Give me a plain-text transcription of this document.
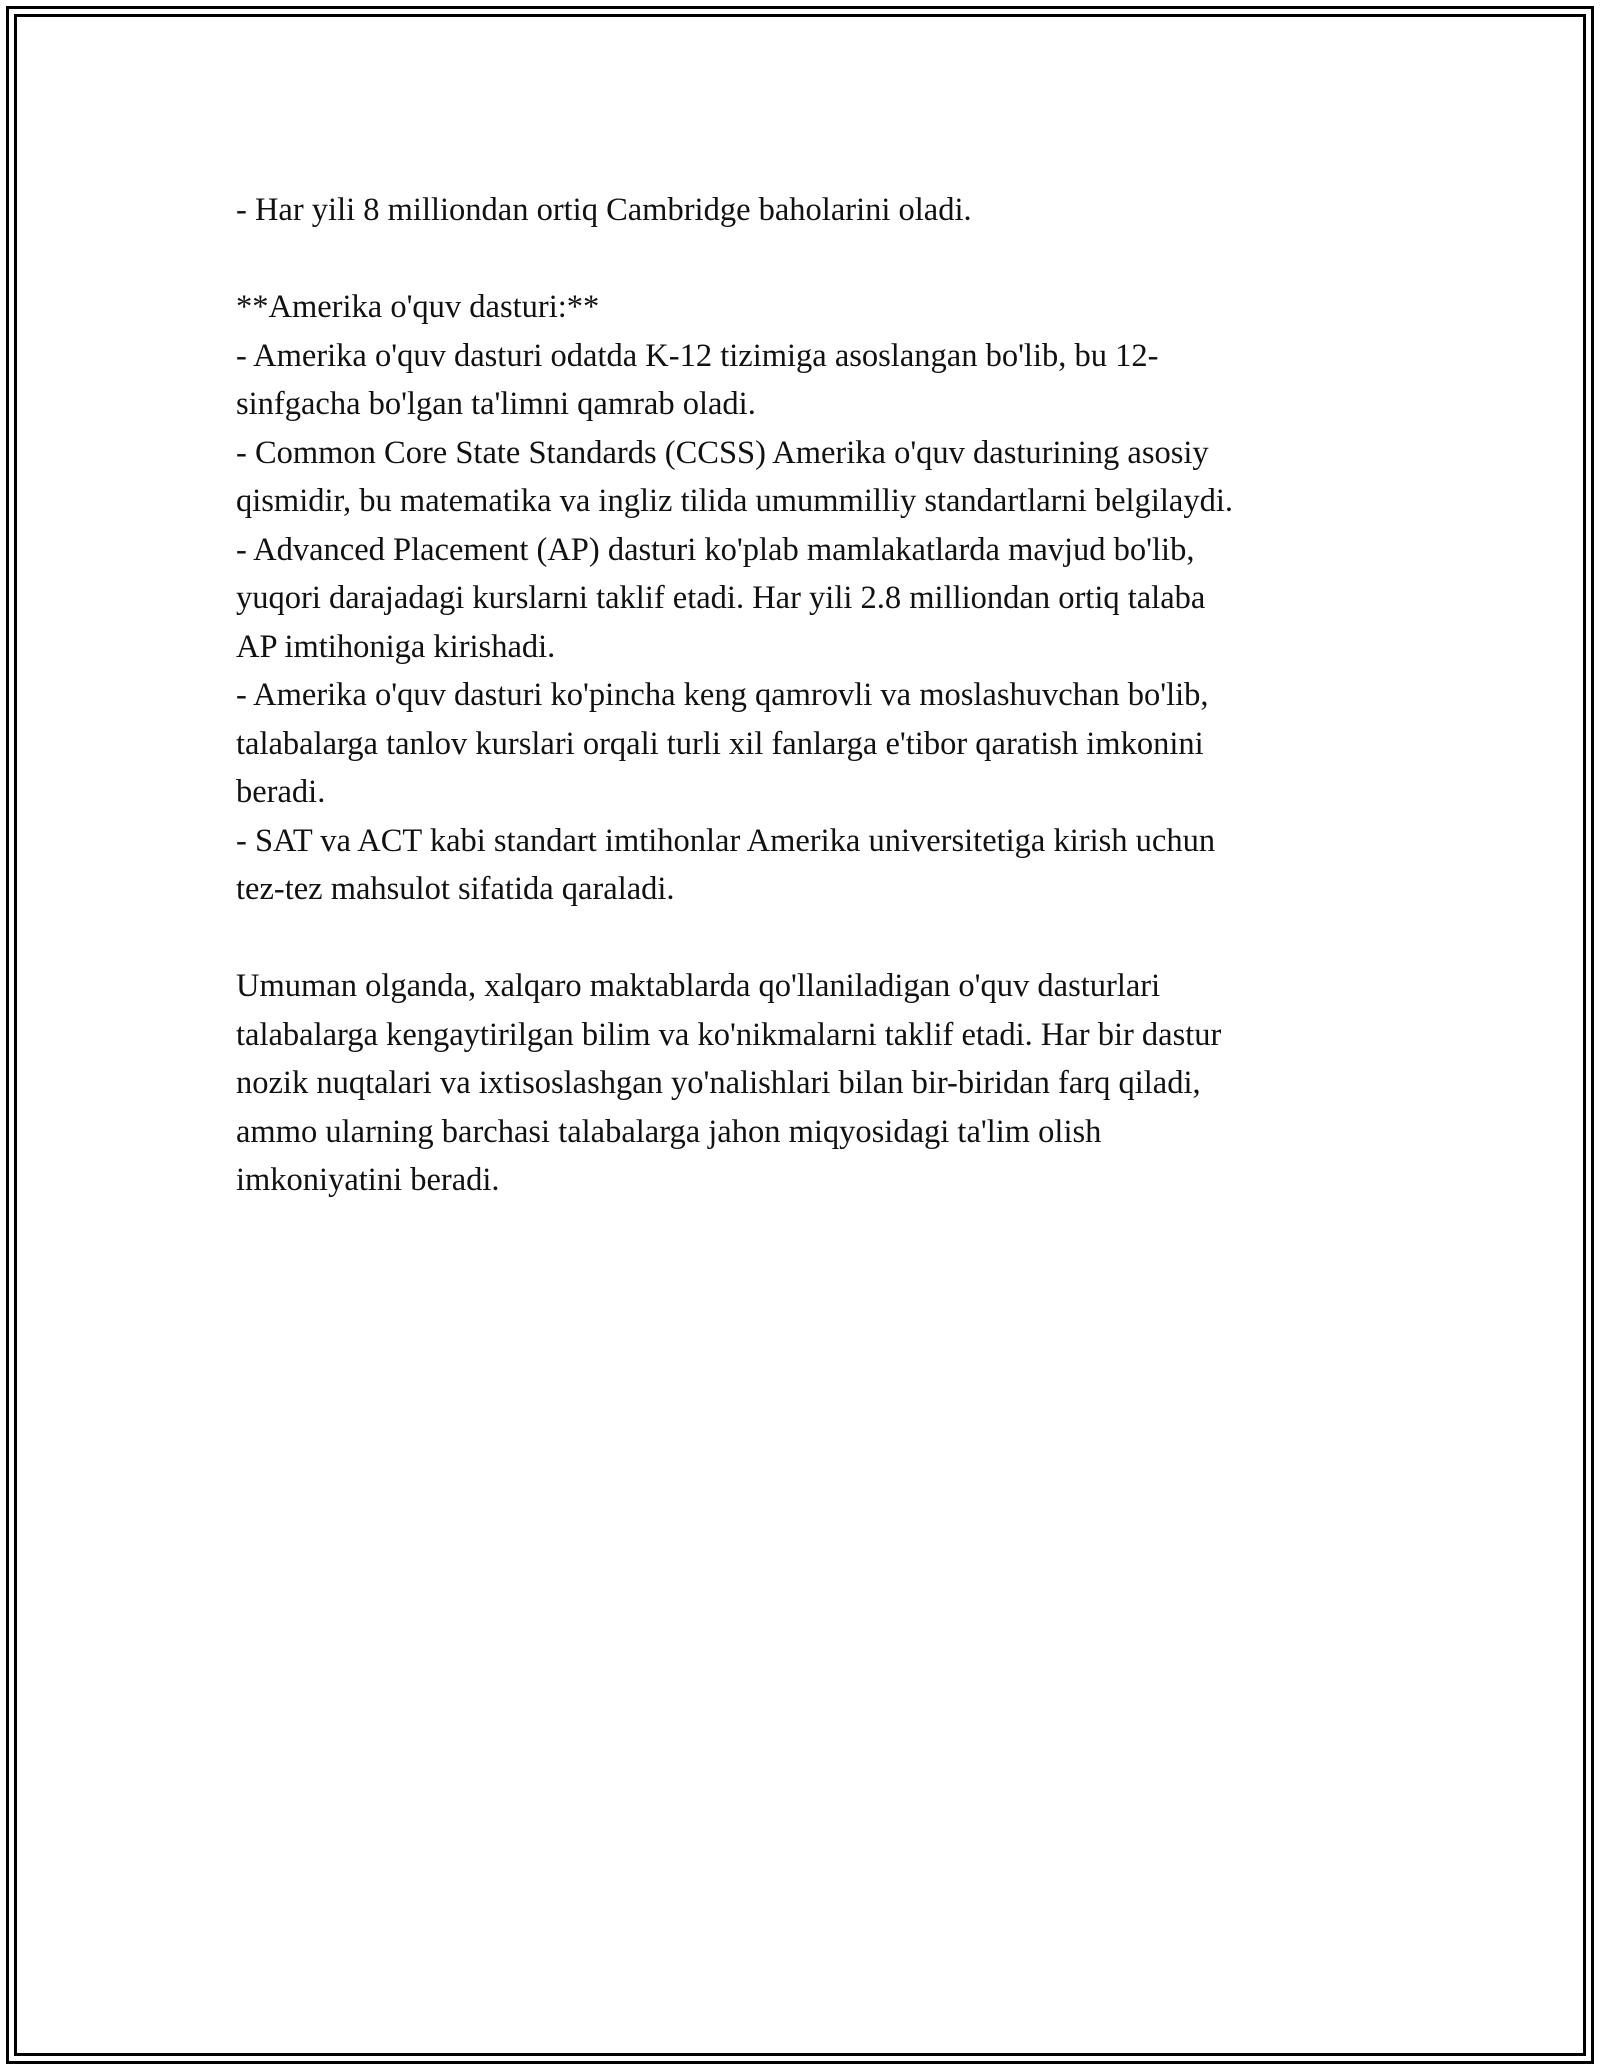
- Har yili 8 milliondan ortiq Cambridge baholarini oladi.
**Amerika o'quv dasturi:**
- Amerika o'quv dasturi odatda K-12 tizimiga asoslangan bo'lib, bu 12-
sinfgacha bo'lgan ta'limni qamrab oladi.
- Common Core State Standards (CCSS) Amerika o'quv dasturining asosiy
qismidir, bu matematika va ingliz tilida umummilliy standartlarni belgilaydi.
- Advanced Placement (AP) dasturi ko'plab mamlakatlarda mavjud bo'lib,
yuqori darajadagi kurslarni taklif etadi. Har yili 2.8 milliondan ortiq talaba
AP imtihoniga kirishadi.
- Amerika o'quv dasturi ko'pincha keng qamrovli va moslashuvchan bo'lib,
talabalarga tanlov kurslari orqali turli xil fanlarga e'tibor qaratish imkonini
beradi.
- SAT va ACT kabi standart imtihonlar Amerika universitetiga kirish uchun
tez-tez mahsulot sifatida qaraladi.
Umuman olganda, xalqaro maktablarda qo'llaniladigan o'quv dasturlari
talabalarga kengaytirilgan bilim va ko'nikmalarni taklif etadi. Har bir dastur
nozik nuqtalari va ixtisoslashgan yo'nalishlari bilan bir-biridan farq qiladi,
ammo ularning barchasi talabalarga jahon miqyosidagi ta'lim olish
imkoniyatini beradi.
